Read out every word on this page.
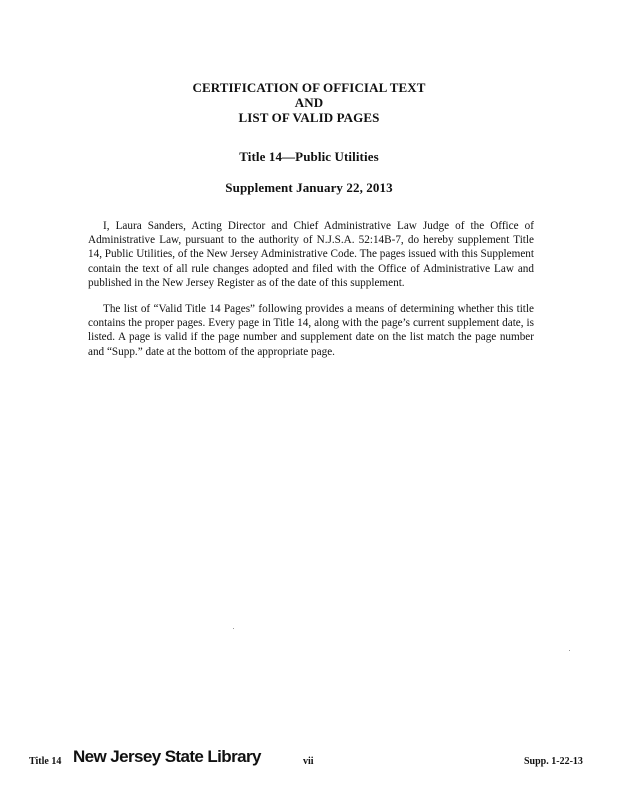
CERTIFICATION OF OFFICIAL TEXT
AND
LIST OF VALID PAGES
Title 14—Public Utilities
Supplement January 22, 2013

I, Laura Sanders, Acting Director and Chief Administrative Law Judge of the Office of Administrative Law, pursuant to the authority of N.J.S.A. 52:14B-7, do hereby supplement Title 14, Public Utilities, of the New Jersey Administrative Code. The pages issued with this Supplement contain the text of all rule changes adopted and filed with the Office of Administrative Law and published in the New Jersey Register as of the date of this supplement.

The list of “Valid Title 14 Pages” following provides a means of determining whether this title contains the proper pages. Every page in Title 14, along with the page’s current supplement date, is listed. A page is valid if the page number and supplement date on the list match the page number and “Supp.” date at the bottom of the appropriate page.

Title 14 New Jersey State Library	vii	Supp. 1-22-13
